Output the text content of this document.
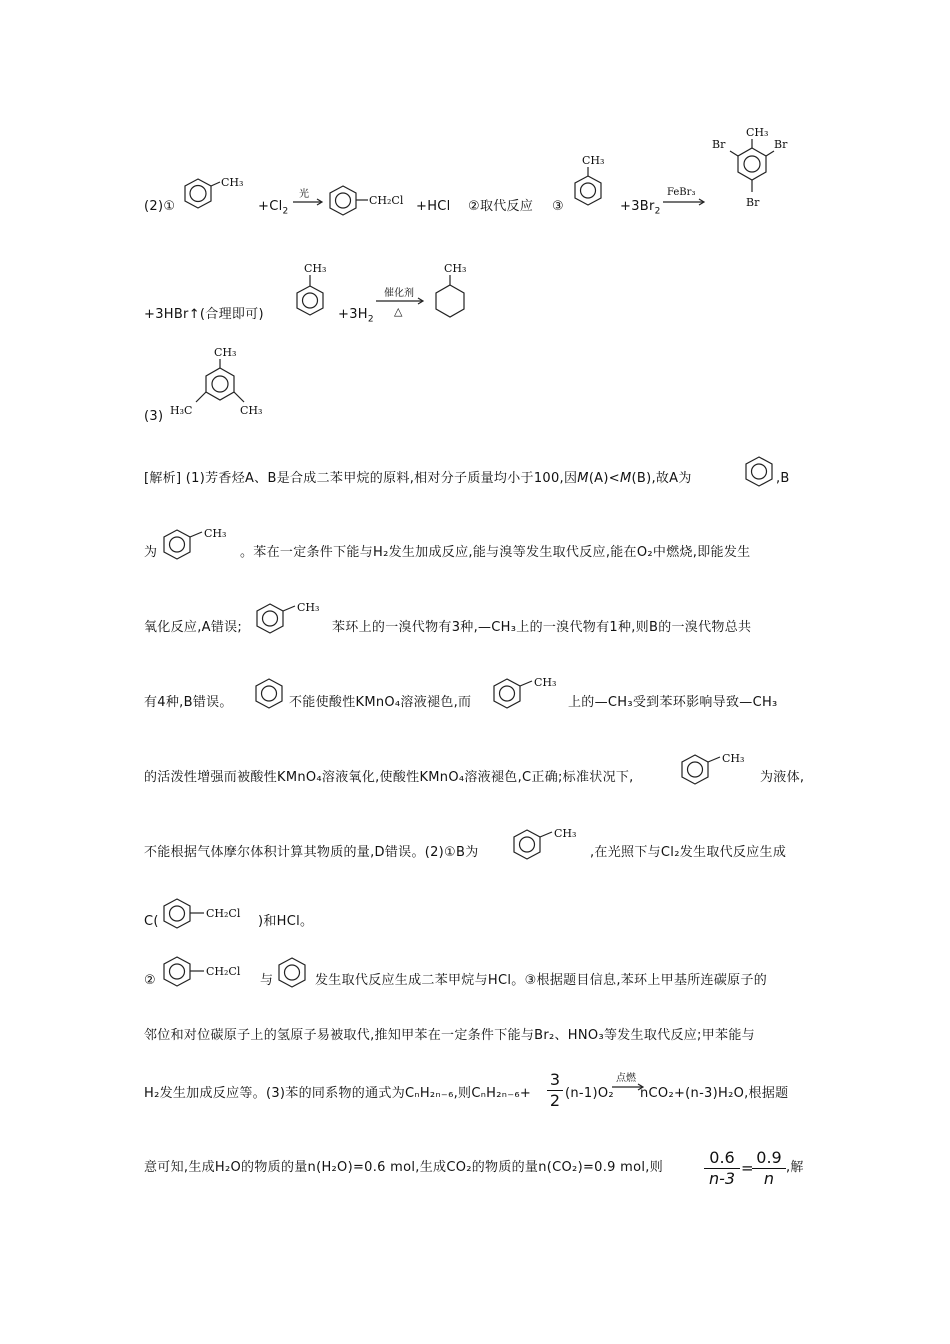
(2)①
CH₃
$+Cl_2$
光	CH₂Cl +HCl ②取代反应 ③
CH₃
$+3Br_2$
FeBr₃
CH₃
Br
Br
Br
+3HBr↑(合理即可)
CH₃
$+3H_2$
催化剂
△
CH₃
(3)
CH₃
H₃C	CH₃
[解析] (1)芳香烃A、B是合成二苯甲烷的原料,相对分子质量均小于100,因M(A)<M(B),故A为	,B
为
CH₃
。苯在一定条件下能与H₂发生加成反应,能与溴等发生取代反应,能在O₂中燃烧,即能发生
氧化反应,A错误;
CH₃
苯环上的一溴代物有3种,—CH₃上的一溴代物有1种,则B的一溴代物总共
有4种,B错误。	不能使酸性KMnO₄溶液褪色,而
CH₃
上的—CH₃受到苯环影响导致—CH₃
的活泼性增强而被酸性KMnO₄溶液氧化,使酸性KMnO₄溶液褪色,C正确;标准状况下,
CH₃
为液体,
不能根据气体摩尔体积计算其物质的量,D错误。(2)①B为
CH₃
,在光照下与Cl₂发生取代反应生成
C(
CH₂Cl
)和HCl。
②
CH₂Cl
与	发生取代反应生成二苯甲烷与HCl。③根据题目信息,苯环上甲基所连碳原子的
邻位和对位碳原子上的氢原子易被取代,推知甲苯在一定条件下能与Br₂、HNO₃等发生取代反应;甲苯能与
H₂发生加成反应等。(3)苯的同系物的通式为CₙH₂ₙ₋₆,则$C_nH_{2n-6}+ \frac{3}{2} (n-1)O_2$
点燃
nCO₂+(n-3)H₂O,根据题
意可知,生成H₂O的物质的量n(H₂O)=0.6 mol,生成CO₂的物质的量n(CO₂)=0.9 mol,则	$\frac{0.6}{n-3}$ =
$\frac{0.9}{n}$ ,解
